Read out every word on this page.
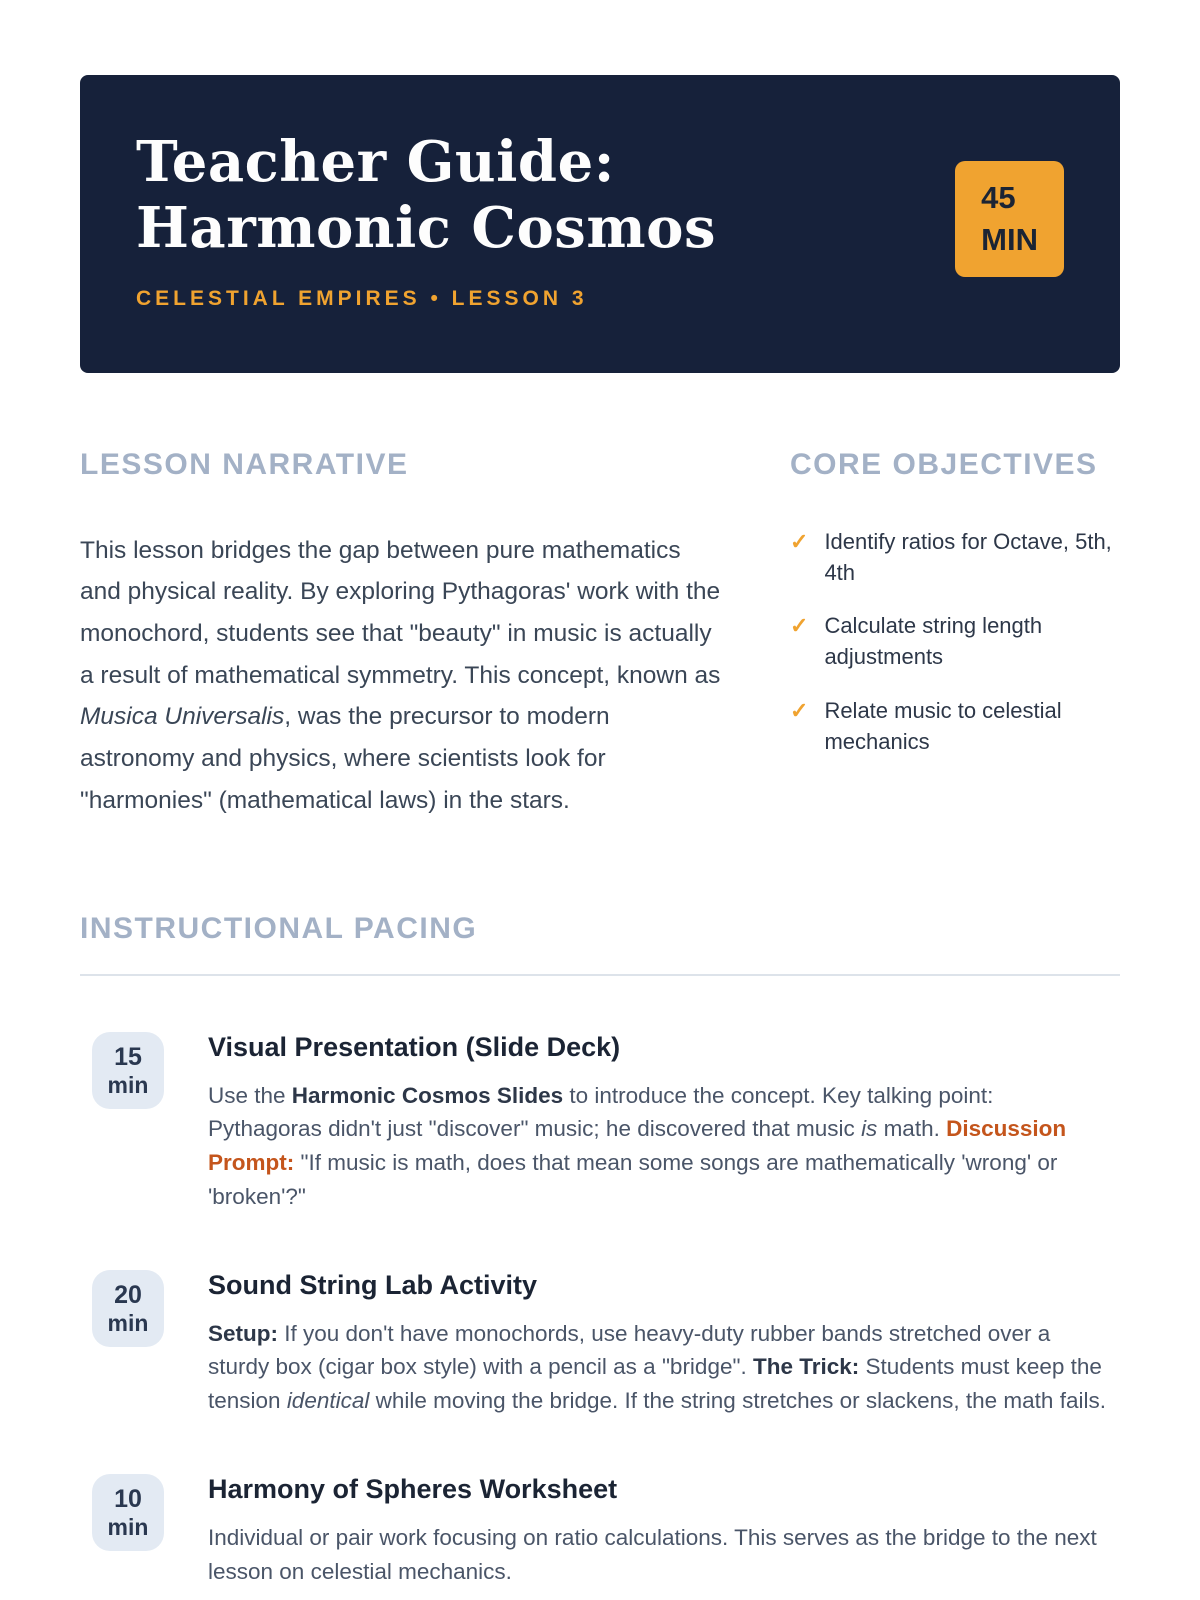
Teacher Guide: Harmonic Cosmos
CELESTIAL EMPIRES • LESSON 3
45
MIN
LESSON NARRATIVE

This lesson bridges the gap between pure mathematics and physical reality. By exploring Pythagoras' work with the monochord, students see that "beauty" in music is actually a result of mathematical symmetry. This concept, known as Musica Universalis, was the precursor to modern astronomy and physics, where scientists look for "harmonies" (mathematical laws) in the stars.

CORE OBJECTIVES
✓ Identify ratios for Octave, 5th, 4th
✓ Calculate string length adjustments
✓ Relate music to celestial mechanics
INSTRUCTIONAL PACING
15
min
Visual Presentation (Slide Deck)

Use the Harmonic Cosmos Slides to introduce the concept. Key talking point: Pythagoras didn't just "discover" music; he discovered that music is math. Discussion Prompt: "If music is math, does that mean some songs are mathematically 'wrong' or 'broken'?"

20
min
Sound String Lab Activity

Setup: If you don't have monochords, use heavy-duty rubber bands stretched over a sturdy box (cigar box style) with a pencil as a "bridge". The Trick: Students must keep the tension identical while moving the bridge. If the string stretches or slackens, the math fails.

10
min
Harmony of Spheres Worksheet

Individual or pair work focusing on ratio calculations. This serves as the bridge to the next lesson on celestial mechanics.
